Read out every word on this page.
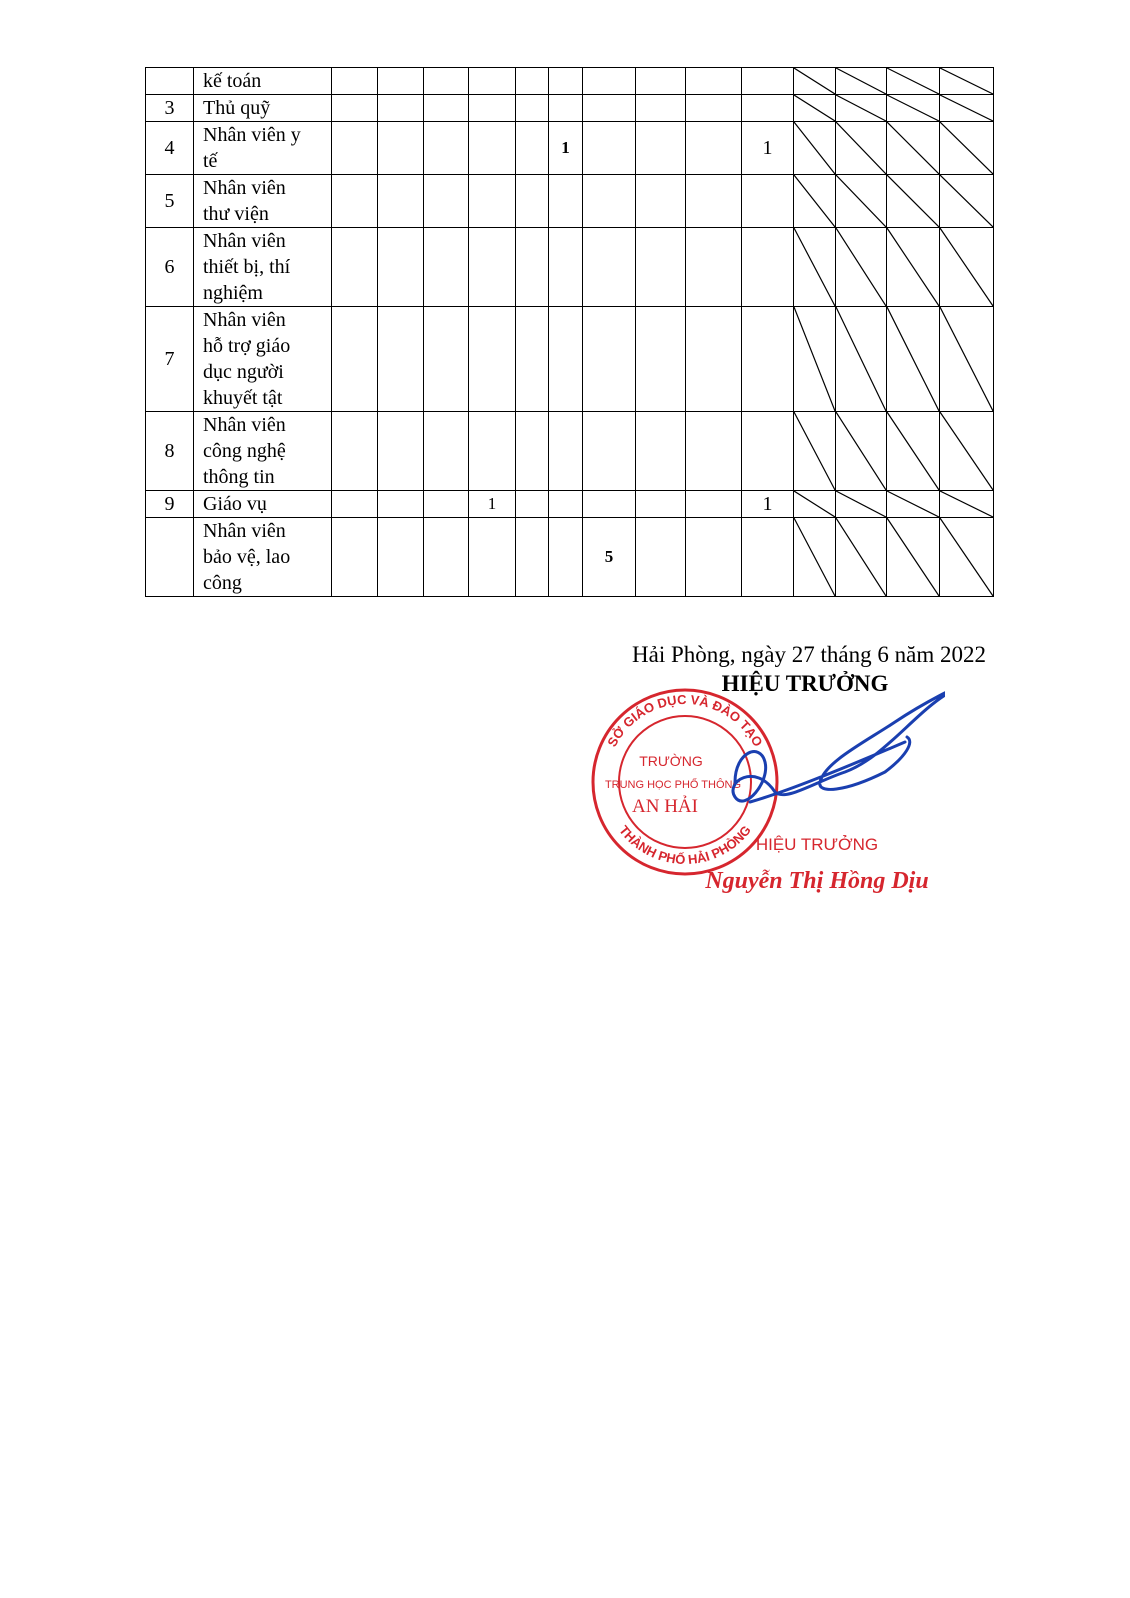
	kế toán											

3	Thủ quỹ											

4	Nhân viên y
tế						1				1	

5	Nhân viên
thư viện											

6	Nhân viên
thiết bị, thí
nghiệm											

7	Nhân viên
hỗ trợ giáo
dục người
khuyết tật											

8	Nhân viên
công nghệ
thông tin											

9	Giáo vụ				1						1	

	Nhân viên
bảo vệ, lao
công							5				

Hải Phòng, ngày 27 tháng 6 năm 2022
HIỆU TRƯỞNG
SỞ GIÁO DỤC VÀ ĐÀO TẠO
THÀNH PHỐ HẢI PHÒNG
TRƯỜNG
TRUNG HỌC PHỔ THÔNG
AN HẢI
HIỆU TRƯỞNG
Nguyễn Thị Hồng Dịu
